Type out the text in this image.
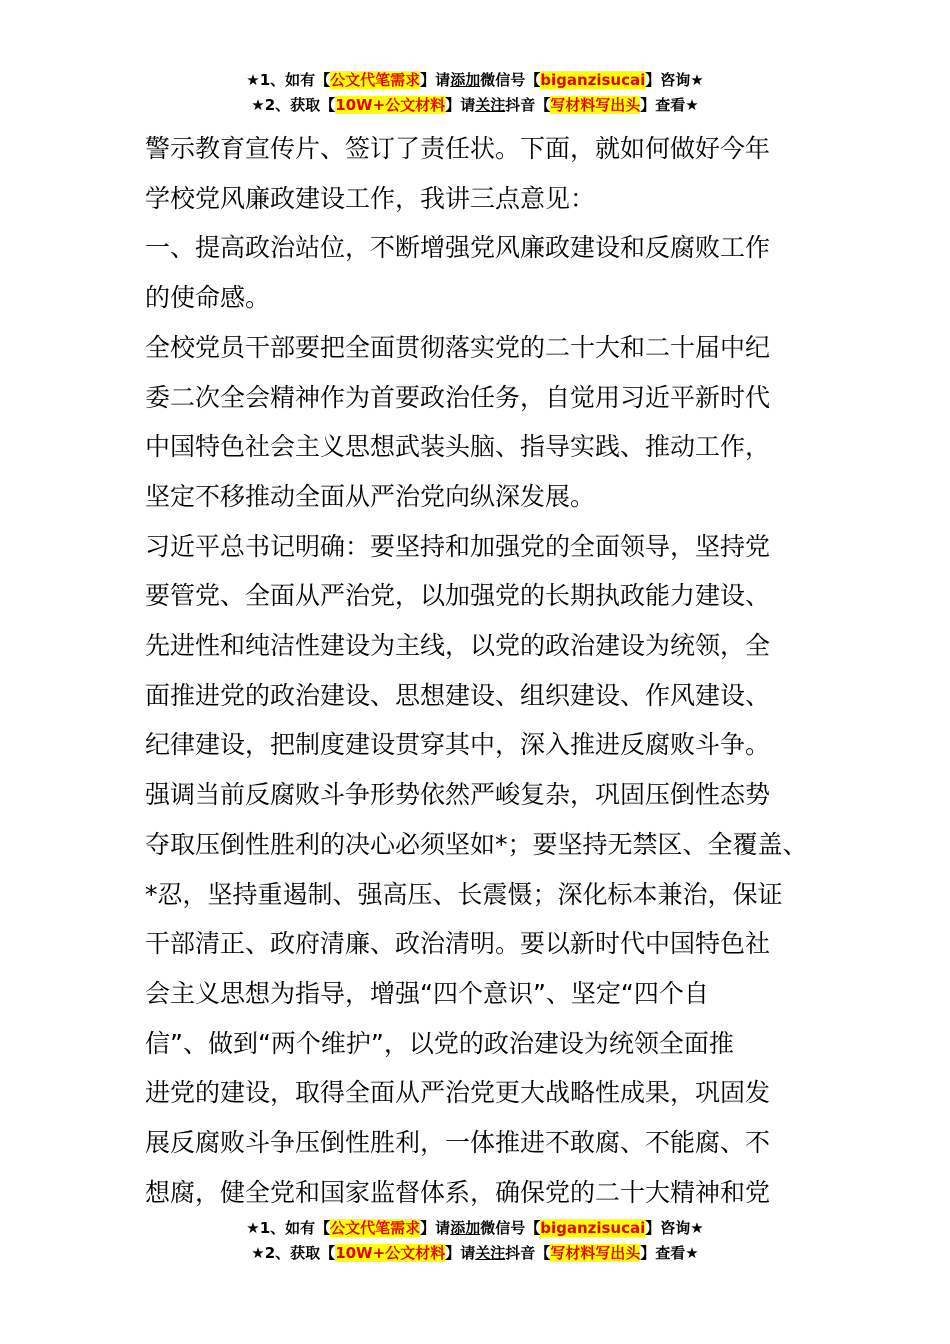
★1、如有【公文代笔需求】请添加微信号【biganzisucai】咨询★
★2、获取【10W+公文材料】请关注抖音【写材料写出头】查看★

警示教育宣传片、签订了责任状。下面，就如何做好今年

学校党风廉政建设工作，我讲三点意见：

一、提高政治站位，不断增强党风廉政建设和反腐败工作

的使命感。

全校党员干部要把全面贯彻落实党的二十大和二十届中纪

委二次全会精神作为首要政治任务，自觉用习近平新时代

中国特色社会主义思想武装头脑、指导实践、推动工作，

坚定不移推动全面从严治党向纵深发展。

习近平总书记明确：要坚持和加强党的全面领导，坚持党

要管党、全面从严治党，以加强党的长期执政能力建设、

先进性和纯洁性建设为主线，以党的政治建设为统领，全

面推进党的政治建设、思想建设、组织建设、作风建设、

纪律建设，把制度建设贯穿其中，深入推进反腐败斗争。

强调当前反腐败斗争形势依然严峻复杂，巩固压倒性态势

夺取压倒性胜利的决心必须坚如*；要坚持无禁区、全覆盖、

*忍，坚持重遏制、强高压、长震慑；深化标本兼治，保证

干部清正、政府清廉、政治清明。要以新时代中国特色社

会主义思想为指导，增强“四个意识”、坚定“四个自

信”、做到“两个维护”，以党的政治建设为统领全面推

进党的建设，取得全面从严治党更大战略性成果，巩固发

展反腐败斗争压倒性胜利，一体推进不敢腐、不能腐、不

想腐，健全党和国家监督体系，确保党的二十大精神和党

★1、如有【公文代笔需求】请添加微信号【biganzisucai】咨询★
★2、获取【10W+公文材料】请关注抖音【写材料写出头】查看★
